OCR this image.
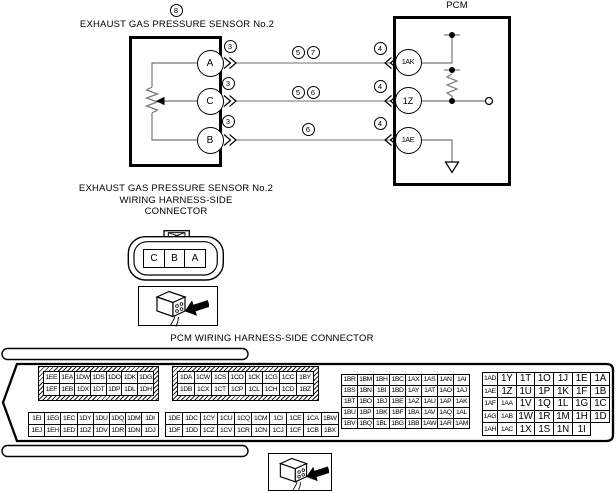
8
EXHAUST GAS PRESSURE SENSOR No.2
PCM
A
C
B
1AK
1Z
1AE
3
5	7	4
3
5	6
4
3
6
4
EXHAUST GAS PRESSURE SENSOR No.2
WIRING HARNESS-SIDE
CONNECTOR
C	B	A
PCM WIRING HARNESS-SIDE CONNECTOR
1EE 1EA 1DW 1DS 1DO 1DK 1DG
1EF 1EB 1DX 1DT 1DP 1DL 1DH
1DA 1CW 1CS 1CO 1CK 1CG 1CC 1BY
1DB 1CX 1CT 1CP 1CL 1CH 1CD 1BZ
1EI 1EG 1EC 1DY 1DU 1DQ 1DM 1DI
1EJ 1EH 1ED 1DZ 1DV 1DR 1DN 1DJ
1DE 1DC 1CY 1CU 1CQ 1CM 1CI 1CE 1CA 1BW
1DF 1DD 1CZ 1CV 1CR 1CN 1CJ 1CF 1CB 1BX
1BR 1BM 1BH 1BC 1AX 1AS 1AN 1AI
1BS 1BN 1BI 1BD 1AY 1AT 1AO 1AJ
1BT 1BO 1BJ 1BE 1AZ 1AU 1AP 1AK
1BU 1BP 1BK 1BF 1BA 1AV 1AQ 1AL
1BV 1BQ 1BL 1BG 1BB 1AW 1AR 1AM
1AD 1Y 1T 1O 1J 1E 1A
1AE 1Z 1U 1P 1K 1F 1B
1AF 1AA 1V 1Q 1L 1G 1C
1AG 1AB 1W 1R 1M 1H 1D
1AH 1AC 1X 1S 1N 1I
